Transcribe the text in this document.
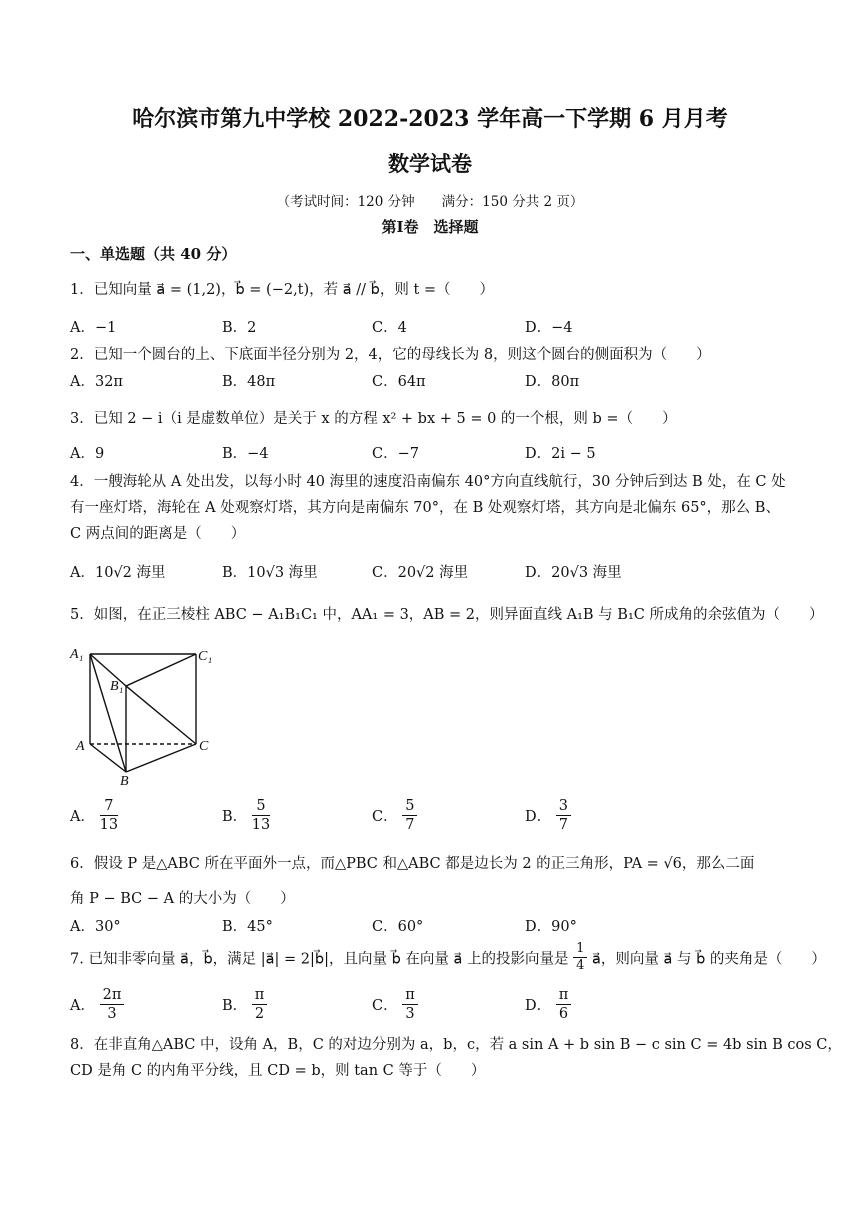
哈尔滨市第九中学校 2022-2023 学年高一下学期 6 月月考
数学试卷
（考试时间：120 分钟　　满分：150 分共 2 页）
第Ⅰ卷　选择题
一、单选题（共 40 分）
1．已知向量 a⃗ = (1,2)，b⃗ = (−2,t)，若 a⃗ // b⃗，则 t =（　　）
A．−1	B．2	C．4	D．−4
2．已知一个圆台的上、下底面半径分别为 2，4，它的母线长为 8，则这个圆台的侧面积为（　　）
A．32π	B．48π	C．64π	D．80π
3．已知 2 − i（i 是虚数单位）是关于 x 的方程 x² + bx + 5 = 0 的一个根，则 b =（　　）
A．9	B．−4	C．−7	D．2i − 5
4．一艘海轮从 A 处出发，以每小时 40 海里的速度沿南偏东 40°方向直线航行，30 分钟后到达 B 处，在 C 处
有一座灯塔，海轮在 A 处观察灯塔，其方向是南偏东 70°，在 B 处观察灯塔，其方向是北偏东 65°，那么 B、
C 两点间的距离是（　　）
A．10√2 海里	B．10√3 海里	C．20√2 海里	D．20√3 海里
5．如图，在正三棱柱 ABC − A₁B₁C₁ 中，AA₁ = 3，AB = 2，则异面直线 A₁B 与 B₁C 所成角的余弦值为（　　）
A₁	C₁
B₁
A	C
B
A． $\frac{7}{13}$	B． $\frac{5}{13}$	C． $\frac{5}{7}$	D． $\frac{3}{7}$
6．假设 P 是△ABC 所在平面外一点，而△PBC 和△ABC 都是边长为 2 的正三角形，PA = √6，那么二面
角 P − BC − A 的大小为（　　）
A．30°	B．45°	C．60°	D．90°
7. 已知非零向量 a⃗，b⃗，满足 |a⃗| = 2|b⃗|，且向量 b⃗ 在向量 a⃗ 上的投影向量是 $\frac{1}{4}$ a⃗，则向量 a⃗ 与 b⃗ 的夹角是（　　）
A． $\frac{2\pi}{3}$	B． $\frac{\pi}{2}$	C． $\frac{\pi}{3}$	D． $\frac{\pi}{6}$
8．在非直角△ABC 中，设角 A，B，C 的对边分别为 a，b，c，若 a sin A + b sin B − c sin C = 4b sin B cos C，
CD 是角 C 的内角平分线，且 CD = b，则 tan C 等于（　　）
